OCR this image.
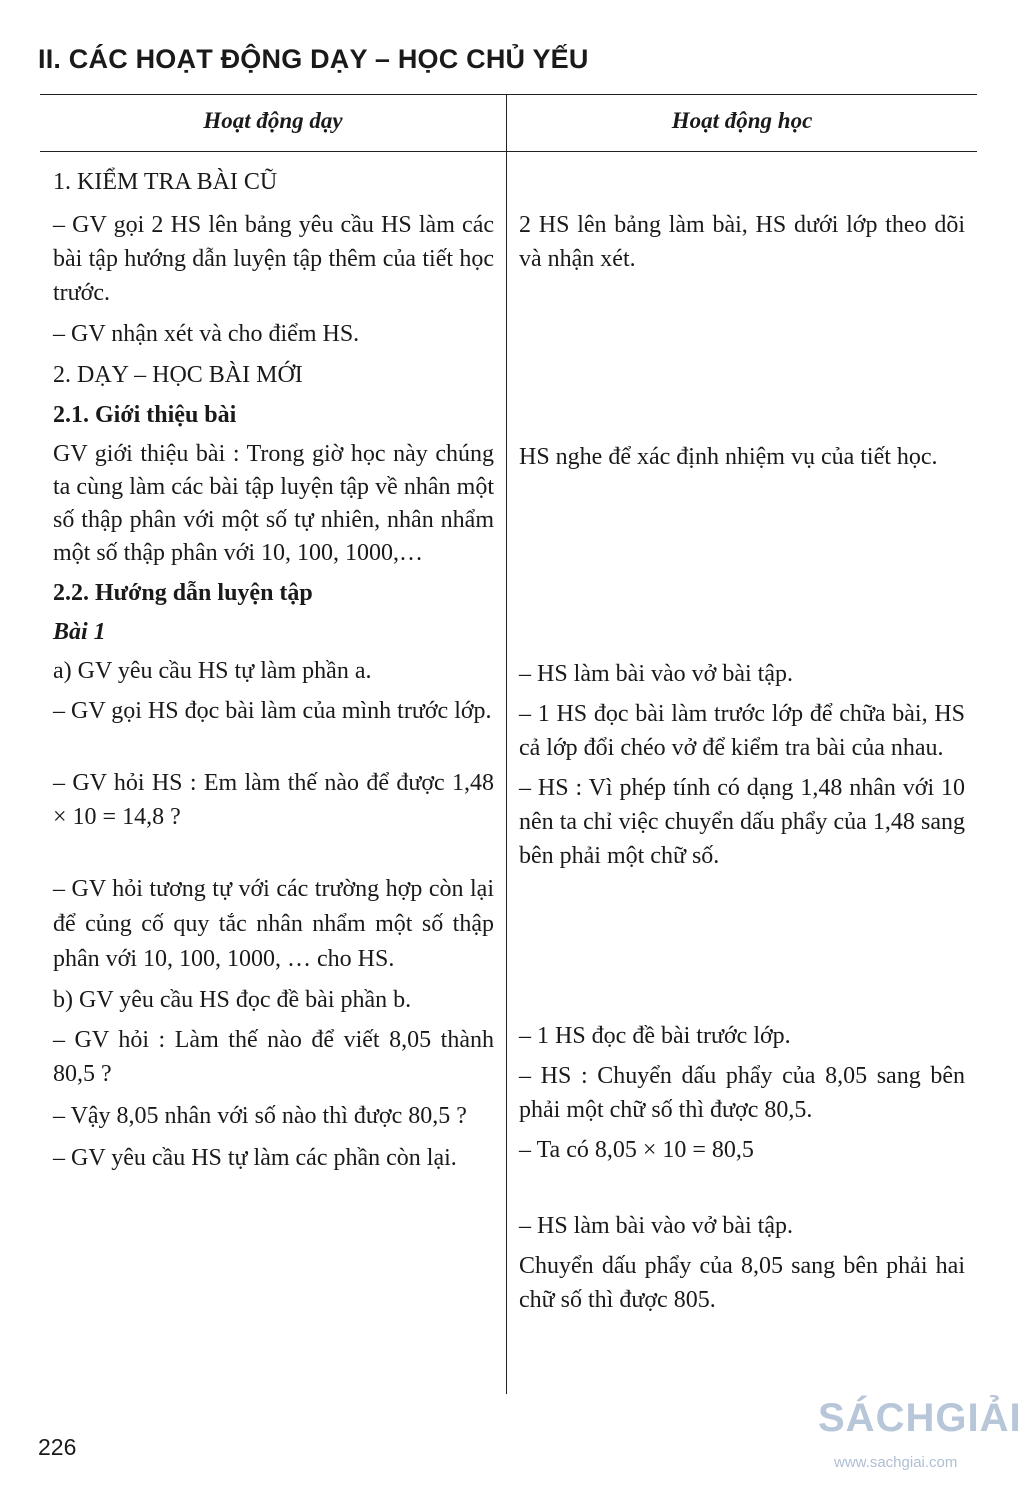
II. CÁC HOẠT ĐỘNG DẠY – HỌC CHỦ YẾU
Hoạt động dạy	Hoạt động học

1. KIỂM TRA BÀI CŨ

– GV gọi 2 HS lên bảng yêu cầu HS làm các bài tập hướng dẫn luyện tập thêm của tiết học trước.

– GV nhận xét và cho điểm HS.

2. DẠY – HỌC BÀI MỚI

2.1. Giới thiệu bài

GV giới thiệu bài : Trong giờ học này chúng ta cùng làm các bài tập luyện tập về nhân một số thập phân với một số tự nhiên, nhân nhẩm một số thập phân với 10, 100, 1000,…

2.2. Hướng dẫn luyện tập

Bài 1

a) GV yêu cầu HS tự làm phần a.

– GV gọi HS đọc bài làm của mình trước lớp.

– GV hỏi HS : Em làm thế nào để được 1,48 × 10 = 14,8 ?

– GV hỏi tương tự với các trường hợp còn lại để củng cố quy tắc nhân nhẩm một số thập phân với 10, 100, 1000, … cho HS.

b) GV yêu cầu HS đọc đề bài phần b.

– GV hỏi : Làm thế nào để viết 8,05 thành 80,5 ?

– Vậy 8,05 nhân với số nào thì được 80,5 ?

– GV yêu cầu HS tự làm các phần còn lại.

2 HS lên bảng làm bài, HS dưới lớp theo dõi và nhận xét.

HS nghe để xác định nhiệm vụ của tiết học.

– HS làm bài vào vở bài tập.

– 1 HS đọc bài làm trước lớp để chữa bài, HS cả lớp đổi chéo vở để kiểm tra bài của nhau.

– HS : Vì phép tính có dạng 1,48 nhân với 10 nên ta chỉ việc chuyển dấu phẩy của 1,48 sang bên phải một chữ số.

– 1 HS đọc đề bài trước lớp.

– HS : Chuyển dấu phẩy của 8,05 sang bên phải một chữ số thì được 80,5.

– Ta có 8,05 × 10 = 80,5

– HS làm bài vào vở bài tập.

Chuyển dấu phẩy của 8,05 sang bên phải hai chữ số thì được 805.

226
SÁCHGIẢI
www.sachgiai.com
